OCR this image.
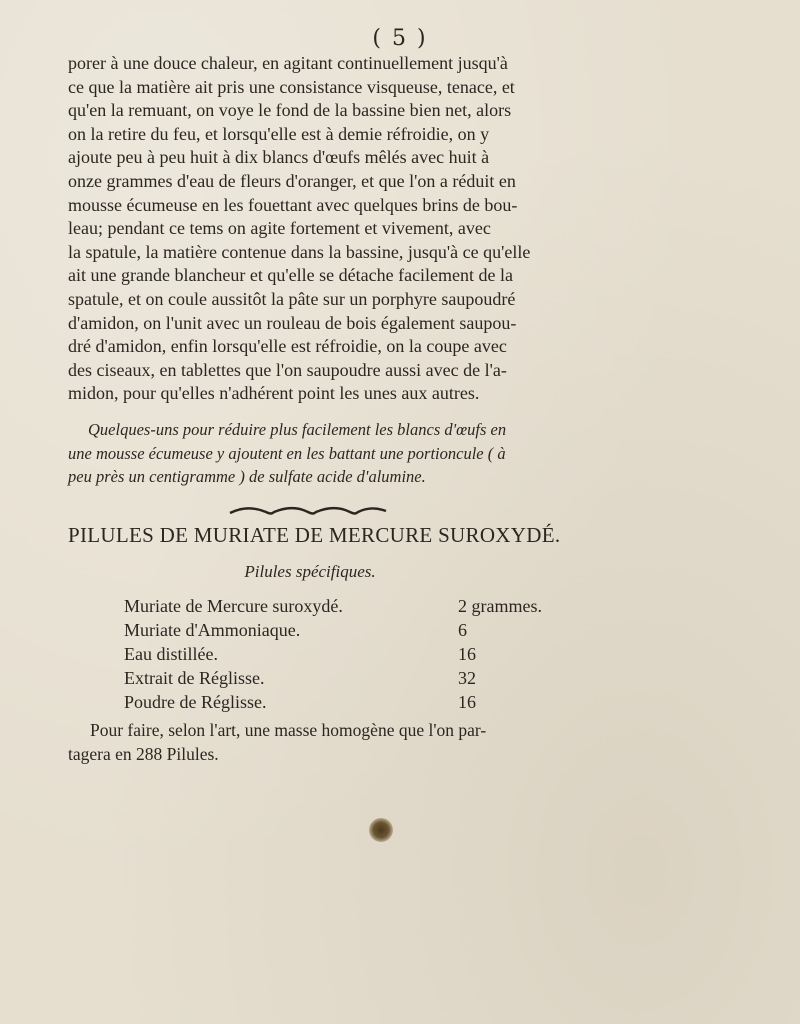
( 5 )

porer à une douce chaleur, en agitant continuellement jusqu'à

ce que la matière ait pris une consistance visqueuse, tenace, et

qu'en la remuant, on voye le fond de la bassine bien net, alors

on la retire du feu, et lorsqu'elle est à demie réfroidie, on y

ajoute peu à peu huit à dix blancs d'œufs mêlés avec huit à

onze grammes d'eau de fleurs d'oranger, et que l'on a réduit en

mousse écumeuse en les fouettant avec quelques brins de bou-

leau; pendant ce tems on agite fortement et vivement, avec

la spatule, la matière contenue dans la bassine, jusqu'à ce qu'elle

ait une grande blancheur et qu'elle se détache facilement de la

spatule, et on coule aussitôt la pâte sur un porphyre saupoudré

d'amidon, on l'unit avec un rouleau de bois également saupou-

dré d'amidon, enfin lorsqu'elle est réfroidie, on la coupe avec

des ciseaux, en tablettes que l'on saupoudre aussi avec de l'a-

midon, pour qu'elles n'adhérent point les unes aux autres.

Quelques-uns pour réduire plus facilement les blancs d'œufs en
une mousse écumeuse y ajoutent en les battant une portioncule ( à
peu près un centigramme ) de sulfate acide d'alumine.
PILULES DE MURIATE DE MERCURE SUROXYDÉ.
Pilules spécifiques.
Muriate de Mercure suroxydé.	2 grammes.
Muriate d'Ammoniaque.	6
Eau distillée.	16
Extrait de Réglisse.	32
Poudre de Réglisse.	16
Pour faire, selon l'art, une masse homogène que l'on par-
tagera en 288 Pilules.
